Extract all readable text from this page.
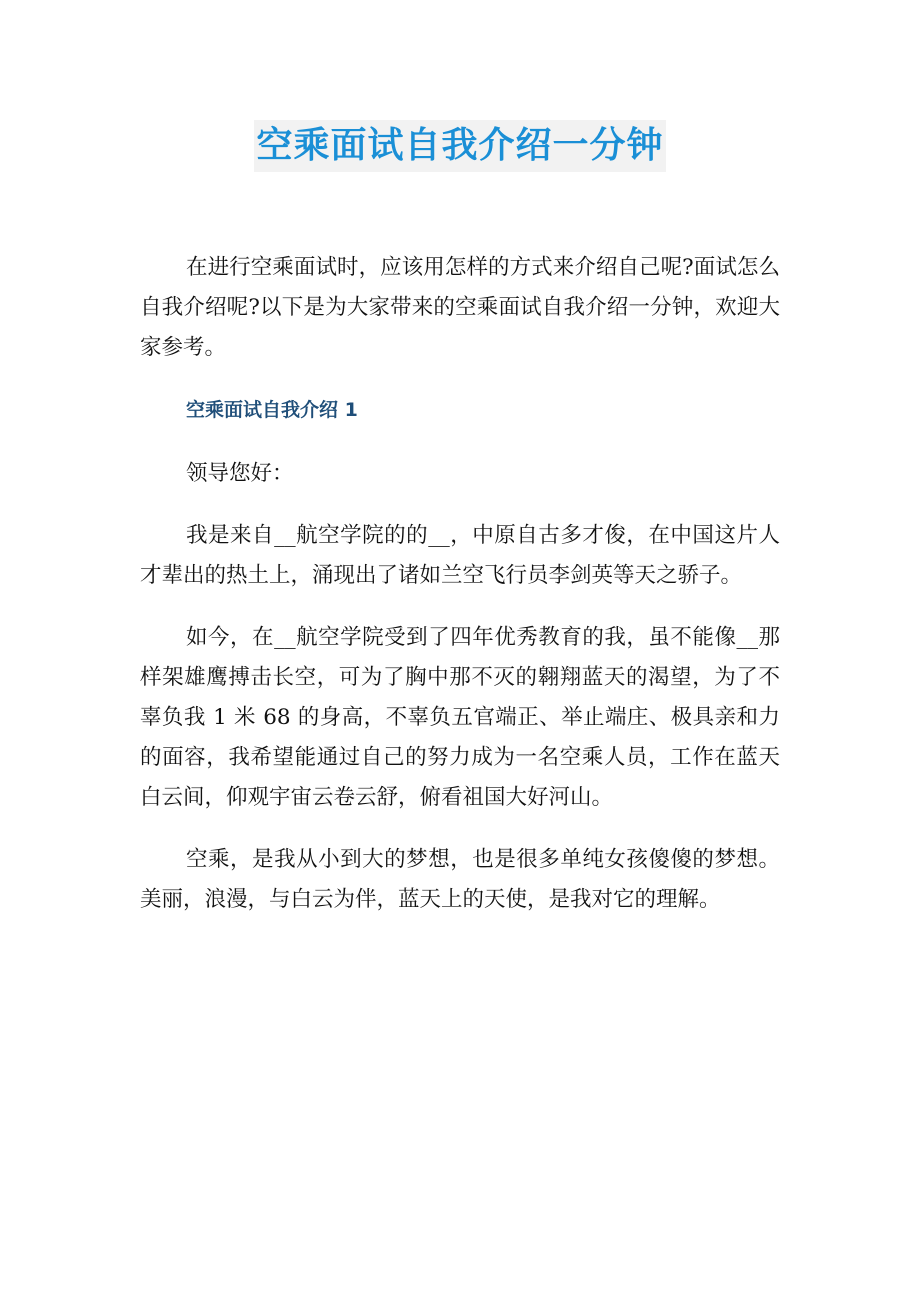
空乘面试自我介绍一分钟

在进行空乘面试时，应该用怎样的方式来介绍自己呢?面试怎么自我介绍呢?以下是为大家带来的空乘面试自我介绍一分钟，欢迎大家参考。

空乘面试自我介绍 1

领导您好：

我是来自__航空学院的的__，中原自古多才俊，在中国这片人才辈出的热土上，涌现出了诸如兰空飞行员李剑英等天之骄子。

如今，在__航空学院受到了四年优秀教育的我，虽不能像__那样架雄鹰搏击长空，可为了胸中那不灭的翱翔蓝天的渴望，为了不辜负我 1 米 68 的身高，不辜负五官端正、举止端庄、极具亲和力的面容，我希望能通过自己的努力成为一名空乘人员，工作在蓝天白云间，仰观宇宙云卷云舒，俯看祖国大好河山。

空乘，是我从小到大的梦想，也是很多单纯女孩傻傻的梦想。美丽，浪漫，与白云为伴，蓝天上的天使，是我对它的理解。
